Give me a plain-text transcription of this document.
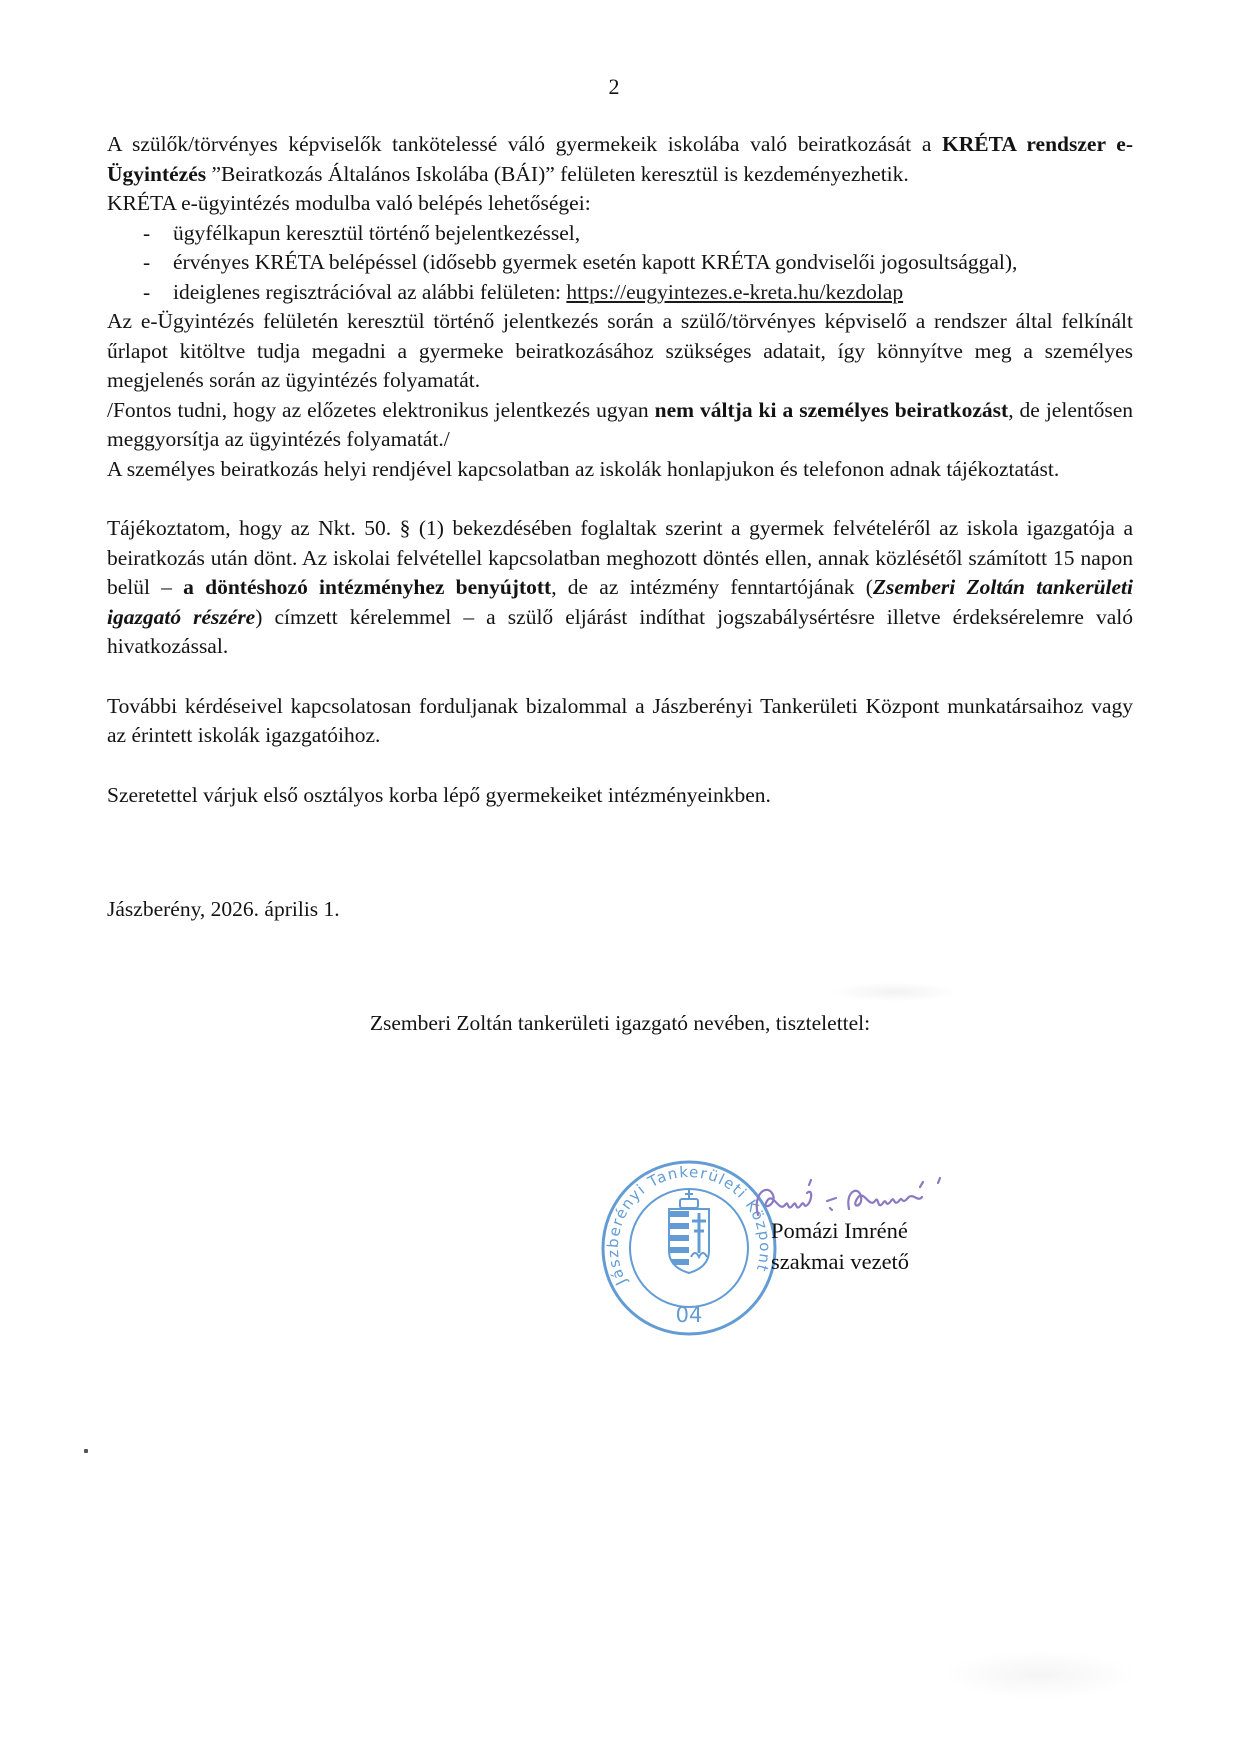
2

A szülők/törvényes képviselők tankötelessé váló gyermekeik iskolába való beiratkozását a KRÉTA rendszer e-Ügyintézés ”Beiratkozás Általános Iskolába (BÁI)” felületen keresztül is kezdeményezhetik.

KRÉTA e-ügyintézés modulba való belépés lehetőségei:

-	ügyfélkapun keresztül történő bejelentkezéssel,
-	érvényes KRÉTA belépéssel (idősebb gyermek esetén kapott KRÉTA gondviselői jogosultsággal),
-	ideiglenes regisztrációval az alábbi felületen: https://eugyintezes.e-kreta.hu/kezdolap

Az e-Ügyintézés felületén keresztül történő jelentkezés során a szülő/törvényes képviselő a rendszer által felkínált űrlapot kitöltve tudja megadni a gyermeke beiratkozásához szükséges adatait, így könnyítve meg a személyes megjelenés során az ügyintézés folyamatát.

/Fontos tudni, hogy az előzetes elektronikus jelentkezés ugyan nem váltja ki a személyes beiratkozást, de jelentősen meggyorsítja az ügyintézés folyamatát./

A személyes beiratkozás helyi rendjével kapcsolatban az iskolák honlapjukon és telefonon adnak tájékoztatást.

Tájékoztatom, hogy az Nkt. 50. § (1) bekezdésében foglaltak szerint a gyermek felvételéről az iskola igazgatója a beiratkozás után dönt. Az iskolai felvétellel kapcsolatban meghozott döntés ellen, annak közlésétől számított 15 napon belül – a döntéshozó intézményhez benyújtott, de az intézmény fenntartójának (Zsemberi Zoltán tankerületi igazgató részére) címzett kérelemmel – a szülő eljárást indíthat jogszabálysértésre illetve érdeksérelemre való hivatkozással.

További kérdéseivel kapcsolatosan forduljanak bizalommal a Jászberényi Tankerületi Központ munkatársaihoz vagy az érintett iskolák igazgatóihoz.

Szeretettel várjuk első osztályos korba lépő gyermekeiket intézményeinkben.

Jászberény, 2026. április 1.

Zsemberi Zoltán tankerületi igazgató nevében, tisztelettel:

Jászberényi Tankerületi Központ
04
Pomázi Imréné
szakmai vezető
